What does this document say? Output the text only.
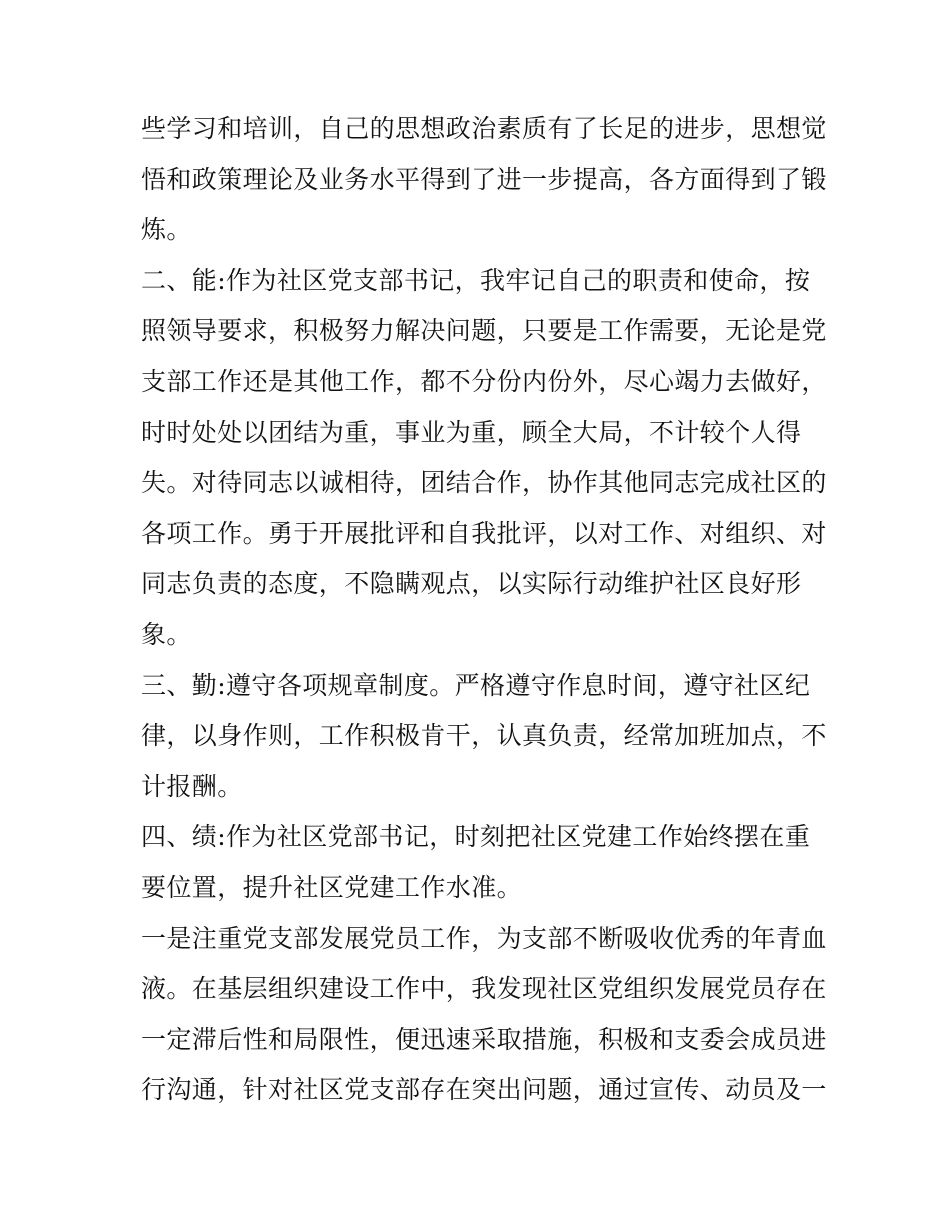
些学习和培训，自己的思想政治素质有了长足的进步，思想觉
悟和政策理论及业务水平得到了进一步提高，各方面得到了锻
炼。
二、能:作为社区党支部书记，我牢记自己的职责和使命，按
照领导要求，积极努力解决问题，只要是工作需要，无论是党
支部工作还是其他工作，都不分份内份外，尽心竭力去做好，
时时处处以团结为重，事业为重，顾全大局，不计较个人得
失。对待同志以诚相待，团结合作，协作其他同志完成社区的
各项工作。勇于开展批评和自我批评，以对工作、对组织、对
同志负责的态度，不隐瞒观点，以实际行动维护社区良好形
象。
三、勤:遵守各项规章制度。严格遵守作息时间，遵守社区纪
律，以身作则，工作积极肯干，认真负责，经常加班加点，不
计报酬。
四、绩:作为社区党部书记，时刻把社区党建工作始终摆在重
要位置，提升社区党建工作水准。
一是注重党支部发展党员工作，为支部不断吸收优秀的年青血
液。在基层组织建设工作中，我发现社区党组织发展党员存在
一定滞后性和局限性，便迅速采取措施，积极和支委会成员进
行沟通，针对社区党支部存在突出问题，通过宣传、动员及一
